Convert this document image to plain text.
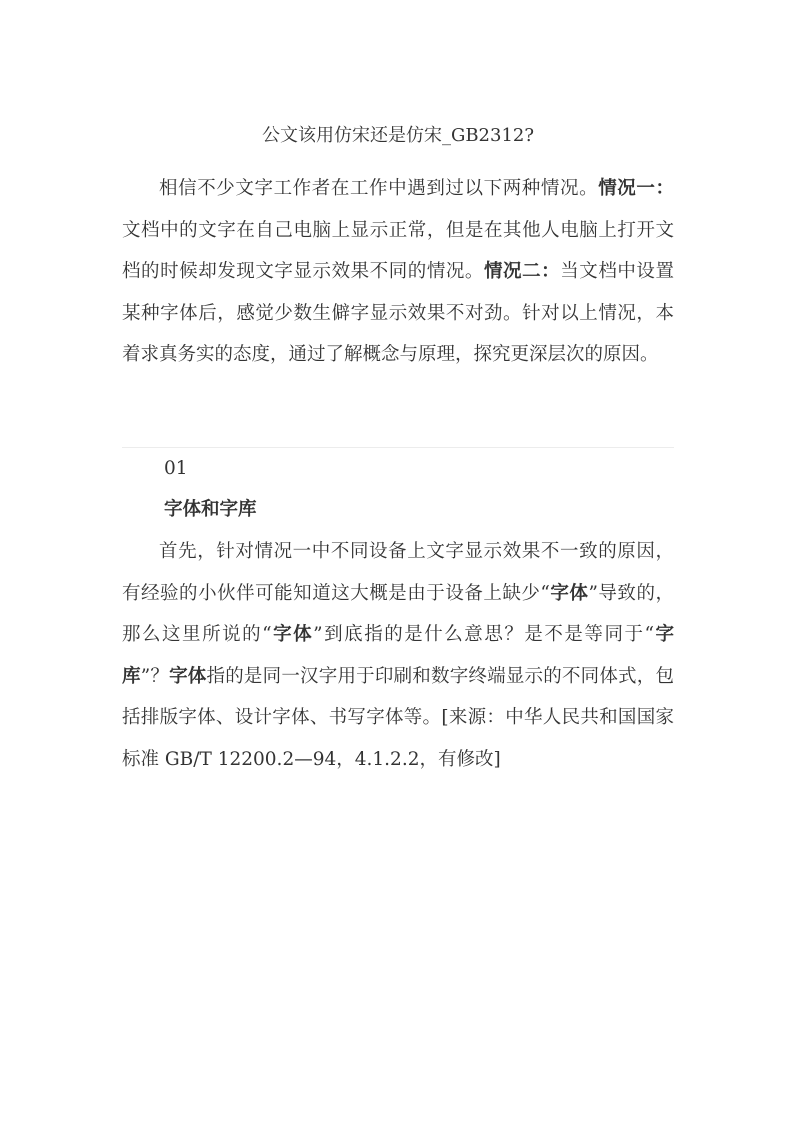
公文该用仿宋还是仿宋_GB2312?

相信不少文字工作者在工作中遇到过以下两种情况。情况一：文档中的文字在自己电脑上显示正常，但是在其他人电脑上打开文档的时候却发现文字显示效果不同的情况。情况二：当文档中设置某种字体后，感觉少数生僻字显示效果不对劲。针对以上情况，本着求真务实的态度，通过了解概念与原理，探究更深层次的原因。

01
字体和字库

首先，针对情况一中不同设备上文字显示效果不一致的原因，有经验的小伙伴可能知道这大概是由于设备上缺少“字体”导致的，那么这里所说的“字体”到底指的是什么意思？是不是等同于“字库”？字体指的是同一汉字用于印刷和数字终端显示的不同体式，包括排版字体、设计字体、书写字体等。[来源：中华人民共和国国家标准 GB/T 12200.2—94，4.1.2.2，有修改]
